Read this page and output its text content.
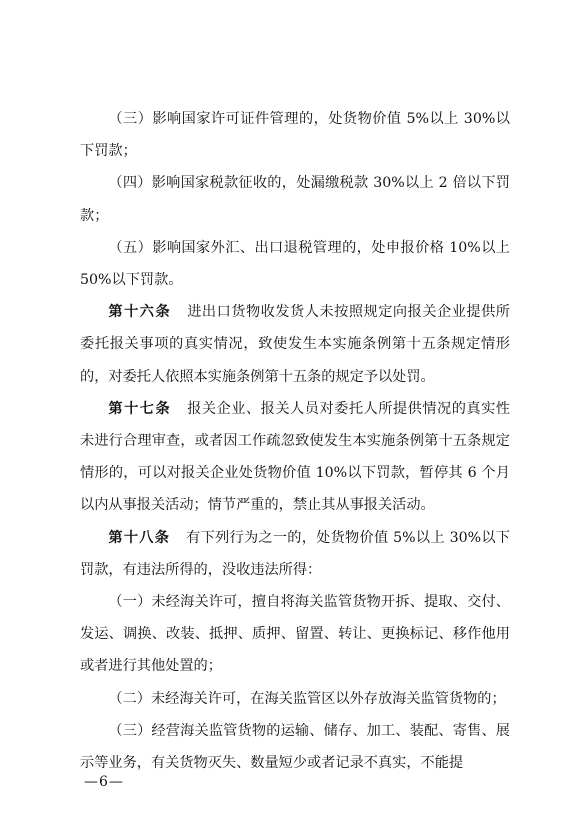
（三）影响国家许可证件管理的，处货物价值 5%以上 30%以下罚款；

（四）影响国家税款征收的，处漏缴税款 30%以上 2 倍以下罚款；

（五）影响国家外汇、出口退税管理的，处申报价格 10%以上 50%以下罚款。

第十六条 进出口货物收发货人未按照规定向报关企业提供所委托报关事项的真实情况，致使发生本实施条例第十五条规定情形的，对委托人依照本实施条例第十五条的规定予以处罚。

第十七条 报关企业、报关人员对委托人所提供情况的真实性未进行合理审查，或者因工作疏忽致使发生本实施条例第十五条规定情形的，可以对报关企业处货物价值 10%以下罚款，暂停其 6 个月以内从事报关活动；情节严重的，禁止其从事报关活动。

第十八条 有下列行为之一的，处货物价值 5%以上 30%以下罚款，有违法所得的，没收违法所得：

（一）未经海关许可，擅自将海关监管货物开拆、提取、交付、发运、调换、改装、抵押、质押、留置、转让、更换标记、移作他用或者进行其他处置的；

（二）未经海关许可，在海关监管区以外存放海关监管货物的；

（三）经营海关监管货物的运输、储存、加工、装配、寄售、展示等业务，有关货物灭失、数量短少或者记录不真实，不能提

—6—
